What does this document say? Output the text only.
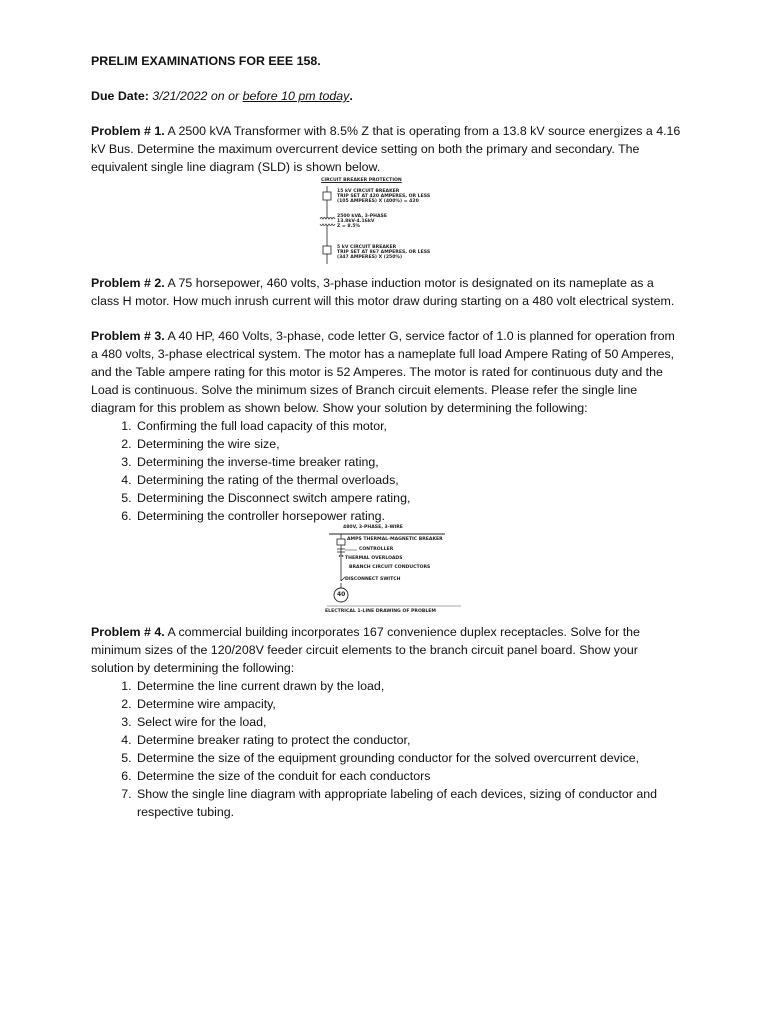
PRELIM EXAMINATIONS FOR EEE 158.

Due Date: 3/21/2022 on or before 10 pm today.

Problem # 1. A 2500 kVA Transformer with 8.5% Z that is operating from a 13.8 kV source energizes a 4.16 kV Bus. Determine the maximum overcurrent device setting on both the primary and secondary. The equivalent single line diagram (SLD) is shown below.

CIRCUIT BREAKER PROTECTION
15 kV CIRCUIT BREAKER
TRIP SET AT 420 AMPERES, OR LESS
(105 AMPERES) X (400%) = 420
2500 kVA, 3-PHASE
13.8kV-4.16kV
Z = 8.5%
5 kV CIRCUIT BREAKER
TRIP SET AT 867 AMPERES, OR LESS
(347 AMPERES) X (250%)

Problem # 2. A 75 horsepower, 460 volts, 3-phase induction motor is designated on its nameplate as a class H motor. How much inrush current will this motor draw during starting on a 480 volt electrical system.

Problem # 3. A 40 HP, 460 Volts, 3-phase, code letter G, service factor of 1.0 is planned for operation from a 480 volts, 3-phase electrical system. The motor has a nameplate full load Ampere Rating of 50 Amperes, and the Table ampere rating for this motor is 52 Amperes. The motor is rated for continuous duty and the Load is continuous. Solve the minimum sizes of Branch circuit elements. Please refer the single line diagram for this problem as shown below. Show your solution by determining the following:

1. Confirming the full load capacity of this motor,
2. Determining the wire size,
3. Determining the inverse-time breaker rating,
4. Determining the rating of the thermal overloads,
5. Determining the Disconnect switch ampere rating,
6. Determining the controller horsepower rating.
480V, 3-PHASE, 3-WIRE
AMPS THERMAL-MAGNETIC BREAKER
CONTROLLER
THERMAL OVERLOADS
BRANCH CIRCUIT CONDUCTORS
DISCONNECT SWITCH
40
ELECTRICAL 1-LINE DRAWING OF PROBLEM

Problem # 4. A commercial building incorporates 167 convenience duplex receptacles. Solve for the minimum sizes of the 120/208V feeder circuit elements to the branch circuit panel board. Show your solution by determining the following:

1. Determine the line current drawn by the load,
2. Determine wire ampacity,
3. Select wire for the load,
4. Determine breaker rating to protect the conductor,
5. Determine the size of the equipment grounding conductor for the solved overcurrent device,
6. Determine the size of the conduit for each conductors
7. Show the single line diagram with appropriate labeling of each devices, sizing of conductor and respective tubing.
